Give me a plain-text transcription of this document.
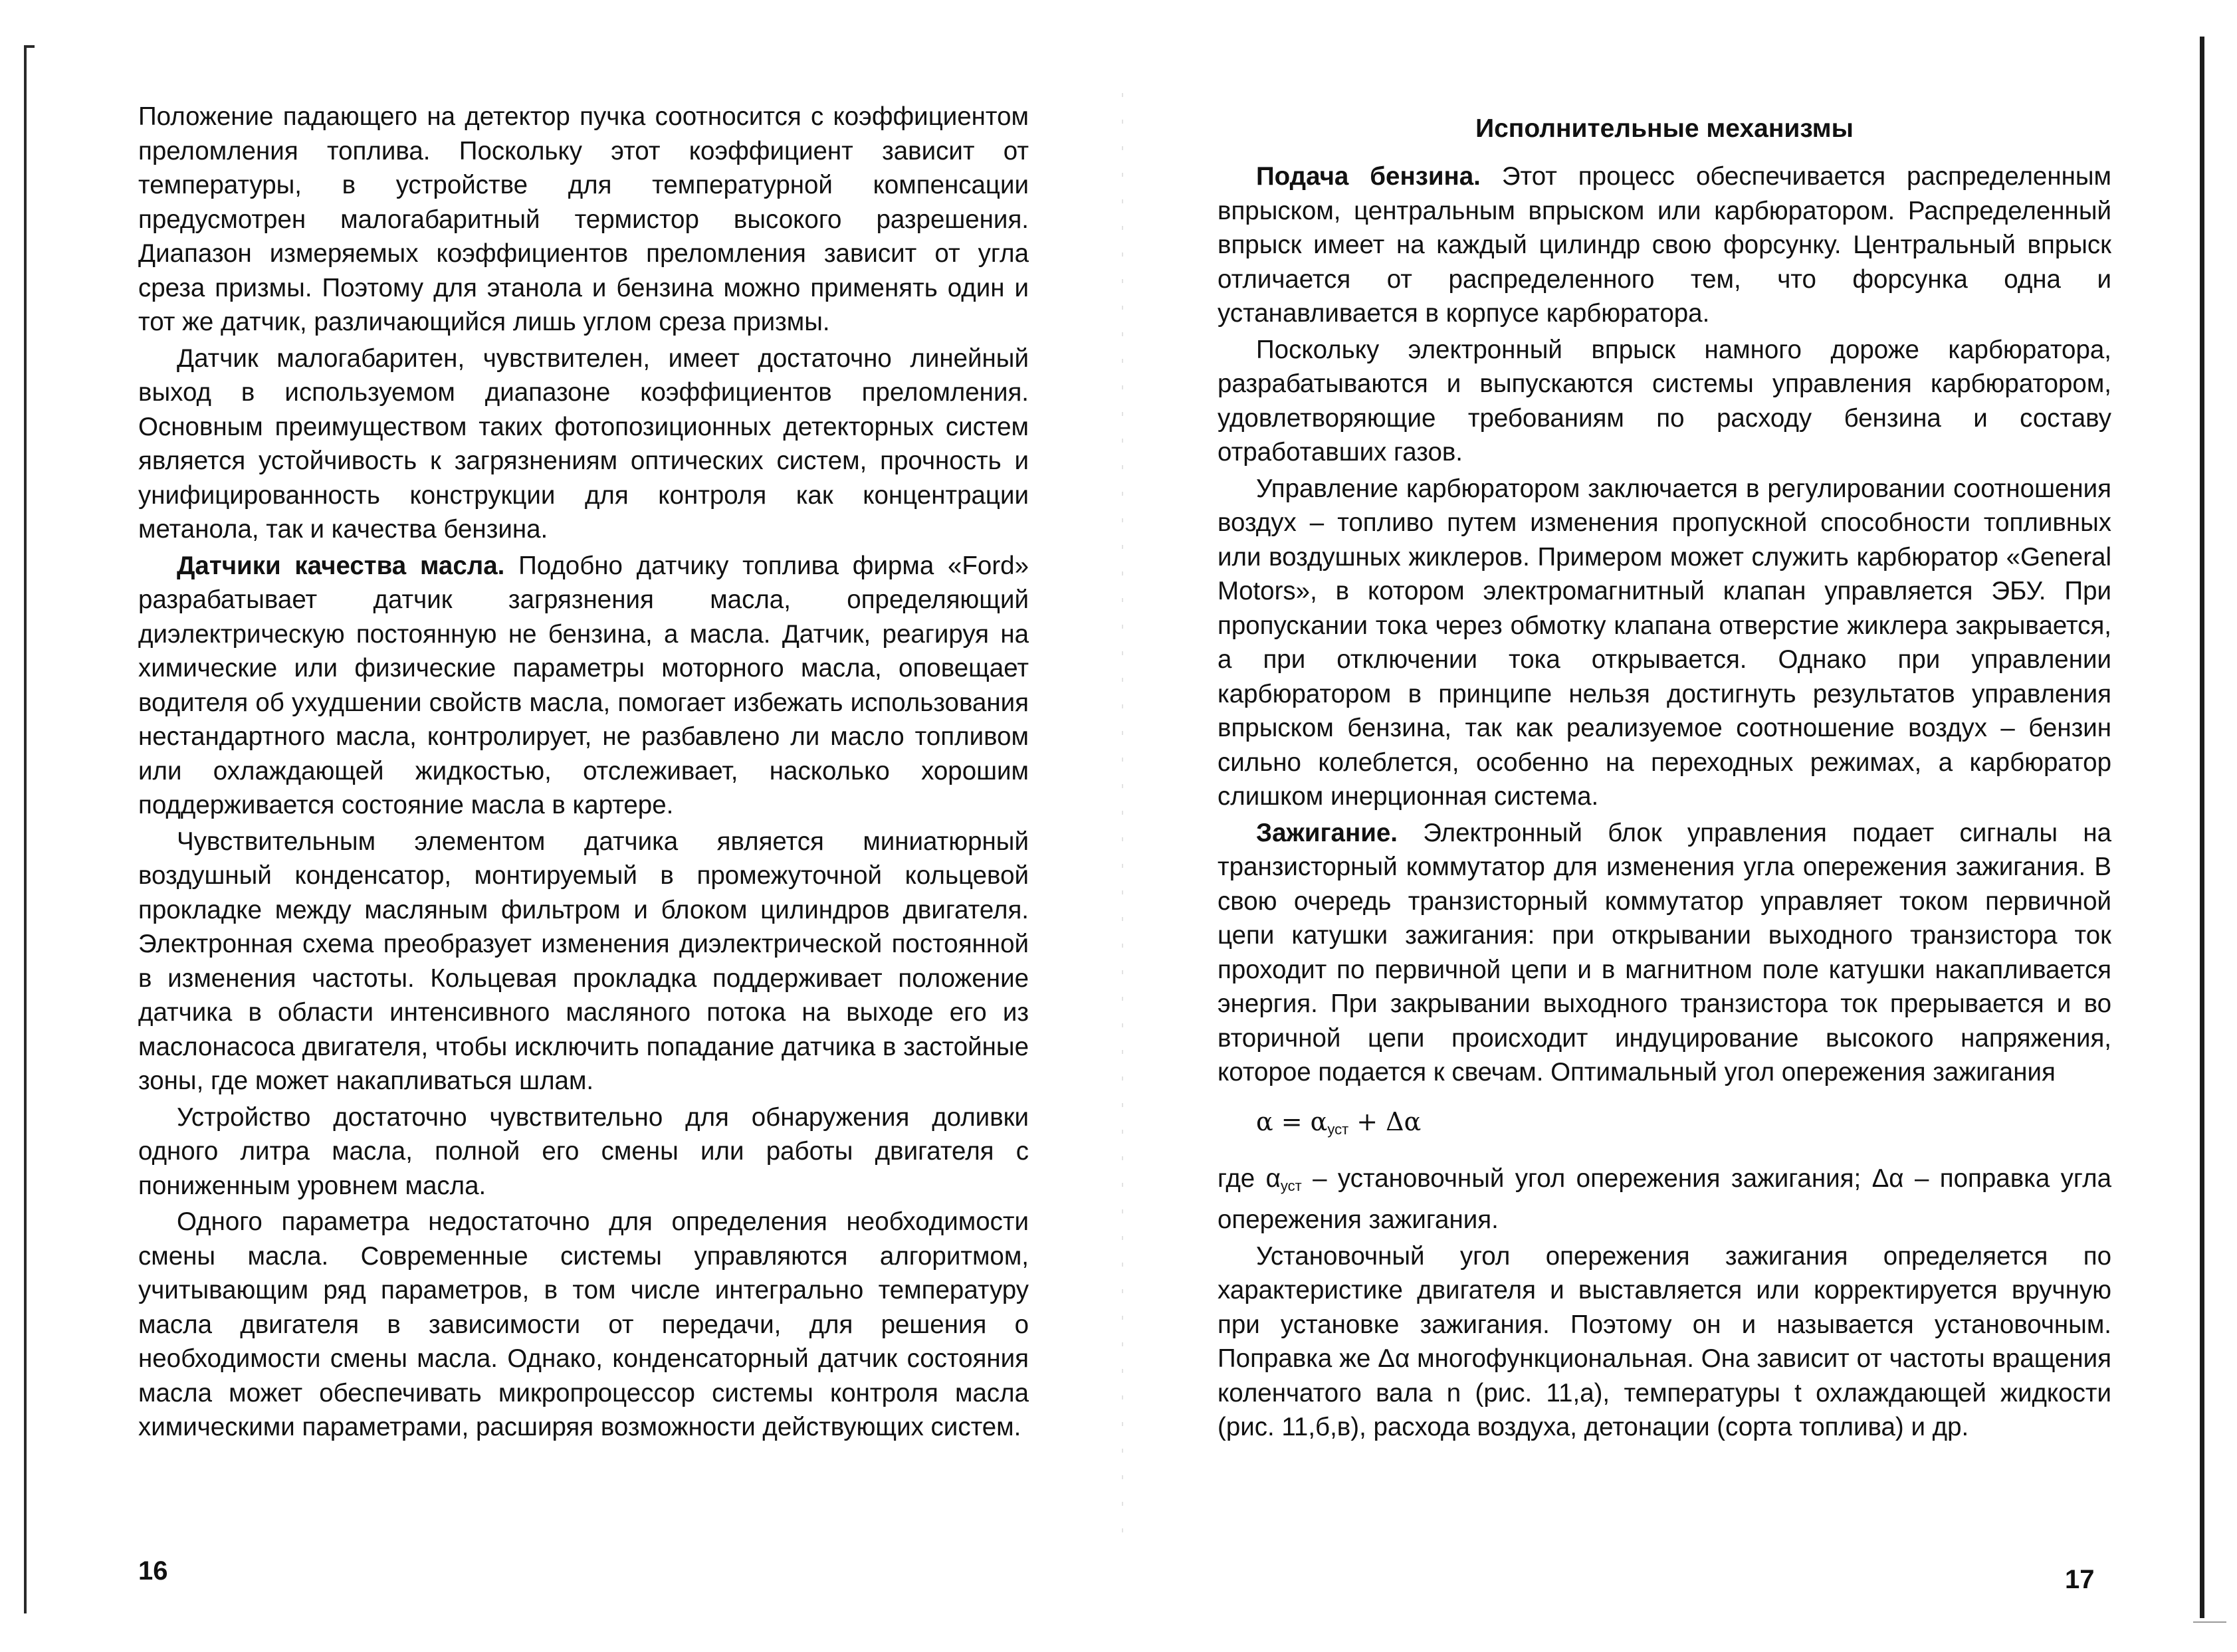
Положение падающего на детектор пучка соотносится с коэффициентом преломления топлива. Поскольку этот коэффициент зависит от температуры, в устройстве для температурной компенсации предусмотрен малогабаритный термистор высокого разрешения. Диапазон измеряемых коэффициентов преломления зависит от угла среза призмы. Поэтому для этанола и бензина можно применять один и тот же датчик, различающийся лишь углом среза призмы.

Датчик малогабаритен, чувствителен, имеет достаточно линейный выход в используемом диапазоне коэффициентов преломления. Основным преимуществом таких фотопозиционных детекторных систем является устойчивость к загрязнениям оптических систем, прочность и унифицированность конструкции для контроля как концентрации метанола, так и качества бензина.

Датчики качества масла. Подобно датчику топлива фирма «Ford» разрабатывает датчик загрязнения масла, определяющий диэлектрическую постоянную не бензина, а масла. Датчик, реагируя на химические или физические параметры моторного масла, оповещает водителя об ухудшении свойств масла, помогает избежать использования нестандартного масла, контролирует, не разбавлено ли масло топливом или охлаждающей жидкостью, отслеживает, насколько хорошим поддерживается состояние масла в картере.

Чувствительным элементом датчика является миниатюрный воздушный конденсатор, монтируемый в промежуточной кольцевой прокладке между масляным фильтром и блоком цилиндров двигателя. Электронная схема преобразует изменения диэлектрической постоянной в изменения частоты. Кольцевая прокладка поддерживает положение датчика в области интенсивного масляного потока на выходе его из маслонасоса двигателя, чтобы исключить попадание датчика в застойные зоны, где может накапливаться шлам.

Устройство достаточно чувствительно для обнаружения доливки одного литра масла, полной его смены или работы двигателя с пониженным уровнем масла.

Одного параметра недостаточно для определения необходимости смены масла. Современные системы управляются алгоритмом, учитывающим ряд параметров, в том числе интегрально температуру масла двигателя в зависимости от передачи, для решения о необходимости смены масла. Однако, конденсаторный датчик состояния масла может обеспечивать микропроцессор системы контроля масла химическими параметрами, расширяя возможности действующих систем.

16
Исполнительные механизмы

Подача бензина. Этот процесс обеспечивается распределенным впрыском, центральным впрыском или карбюратором. Распределенный впрыск имеет на каждый цилиндр свою форсунку. Центральный впрыск отличается от распределенного тем, что форсунка одна и устанавливается в корпусе карбюратора.

Поскольку электронный впрыск намного дороже карбюратора, разрабатываются и выпускаются системы управления карбюратором, удовлетворяющие требованиям по расходу бензина и составу отработавших газов.

Управление карбюратором заключается в регулировании соотношения воздух – топливо путем изменения пропускной способности топливных или воздушных жиклеров. Примером может служить карбюратор «General Motors», в котором электромагнитный клапан управляется ЭБУ. При пропускании тока через обмотку клапана отверстие жиклера закрывается, а при отключении тока открывается. Однако при управлении карбюратором в принципе нельзя достигнуть результатов управления впрыском бензина, так как реализуемое соотношение воздух – бензин сильно колеблется, особенно на переходных режимах, а карбюратор слишком инерционная система.

Зажигание. Электронный блок управления подает сигналы на транзисторный коммутатор для изменения угла опережения зажигания. В свою очередь транзисторный коммутатор управляет током первичной цепи катушки зажигания: при открывании выходного транзистора ток проходит по первичной цепи и в магнитном поле катушки накапливается энергия. При закрывании выходного транзистора ток прерывается и во вторичной цепи происходит индуцирование высокого напряжения, которое подается к свечам. Оптимальный угол опережения зажигания

$\alpha = \alpha_{уст} + \Delta\alpha$

где $\alpha_{уст}$ – установочный угол опережения зажигания; Δα – поправка угла опережения зажигания.

Установочный угол опережения зажигания определяется по характеристике двигателя и выставляется или корректируется вручную при установке зажигания. Поэтому он и называется установочным. Поправка же Δα многофункциональная. Она зависит от частоты вращения коленчатого вала n (рис. 11,а), температуры t охлаждающей жидкости (рис. 11,б,в), расхода воздуха, детонации (сорта топлива) и др.

17
